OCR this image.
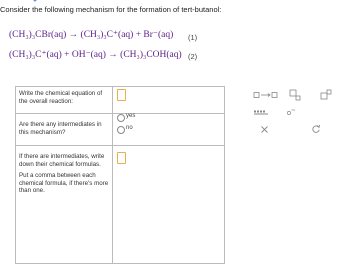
Consider the following mechanism for the formation of tert-butanol:
(CH₃)₃CBr(aq) → (CH₃)₃C⁺(aq) + Br⁻(aq) (1)
(CH₃)₃C⁺(aq) + OH⁻(aq) → (CH₃)₃COH(aq) (2)
Write the chemical equation of the overall reaction:
Are there any intermediates in this mechanism?
yes
no
If there are intermediates, write down their chemical formulas.
Put a comma between each chemical formula, if there's more than one.
